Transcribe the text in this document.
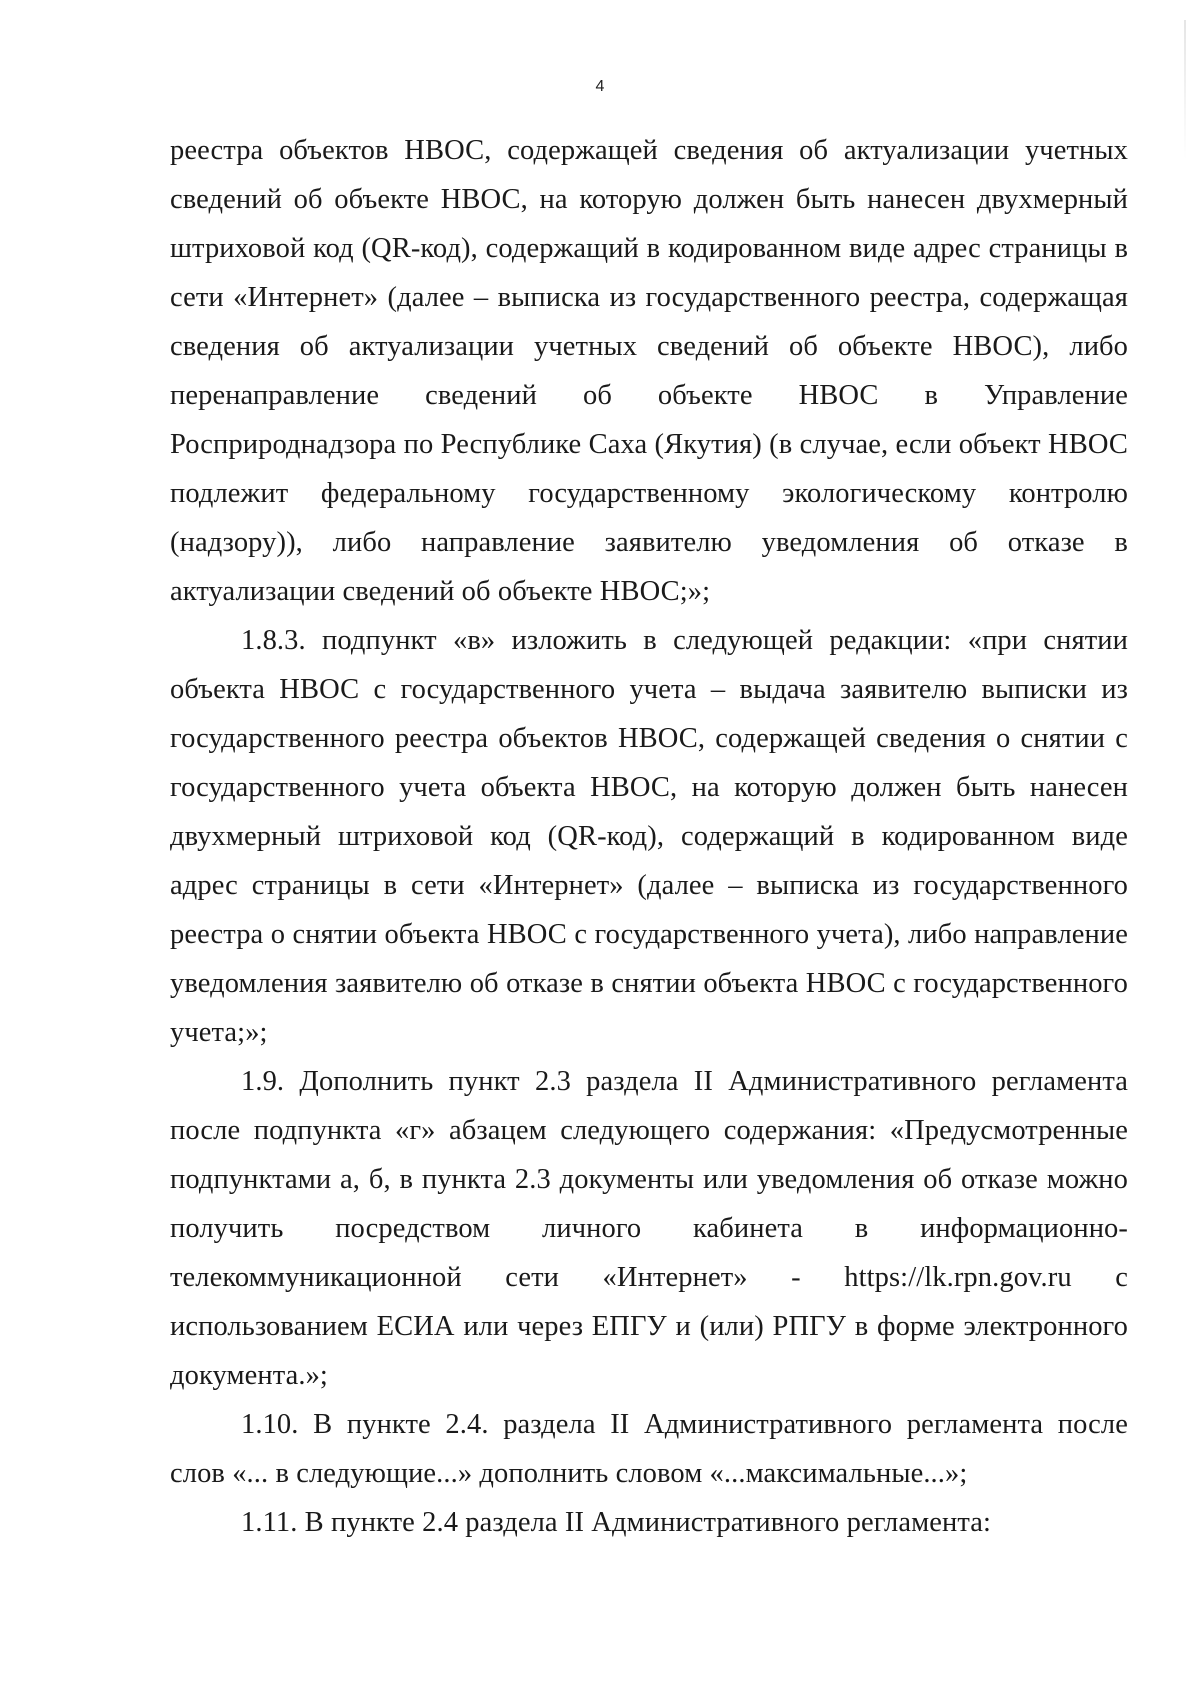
4

реестра объектов НВОС, содержащей сведения об актуализации учетных сведений об объекте НВОС, на которую должен быть нанесен двухмерный штриховой код (QR-код), содержащий в кодированном виде адрес страницы в сети «Интернет» (далее – выписка из государственного реестра, содержащая сведения об актуализации учетных сведений об объекте НВОС), либо перенаправление сведений об объекте НВОС в Управление Росприроднадзора по Республике Саха (Якутия) (в случае, если объект НВОС подлежит федеральному государственному экологическому контролю (надзору)), либо направление заявителю уведомления об отказе в актуализации сведений об объекте НВОС;»;

1.8.3. подпункт «в» изложить в следующей редакции: «при снятии объекта НВОС с государственного учета – выдача заявителю выписки из государственного реестра объектов НВОС, содержащей сведения о снятии с государственного учета объекта НВОС, на которую должен быть нанесен двухмерный штриховой код (QR-код), содержащий в кодированном виде адрес страницы в сети «Интернет» (далее – выписка из государственного реестра о снятии объекта НВОС с государственного учета), либо направление уведомления заявителю об отказе в снятии объекта НВОС с государственного учета;»;

1.9. Дополнить пункт 2.3 раздела II Административного регламента после подпункта «г» абзацем следующего содержания: «Предусмотренные подпунктами а, б, в пункта 2.3 документы или уведомления об отказе можно получить посредством личного кабинета в информационно-телекоммуникационной сети «Интернет» - https://lk.rpn.gov.ru с использованием ЕСИА или через ЕПГУ и (или) РПГУ в форме электронного документа.»;

1.10. В пункте 2.4. раздела II Административного регламента после слов «... в следующие...» дополнить словом «...максимальные...»;

1.11. В пункте 2.4 раздела II Административного регламента:
